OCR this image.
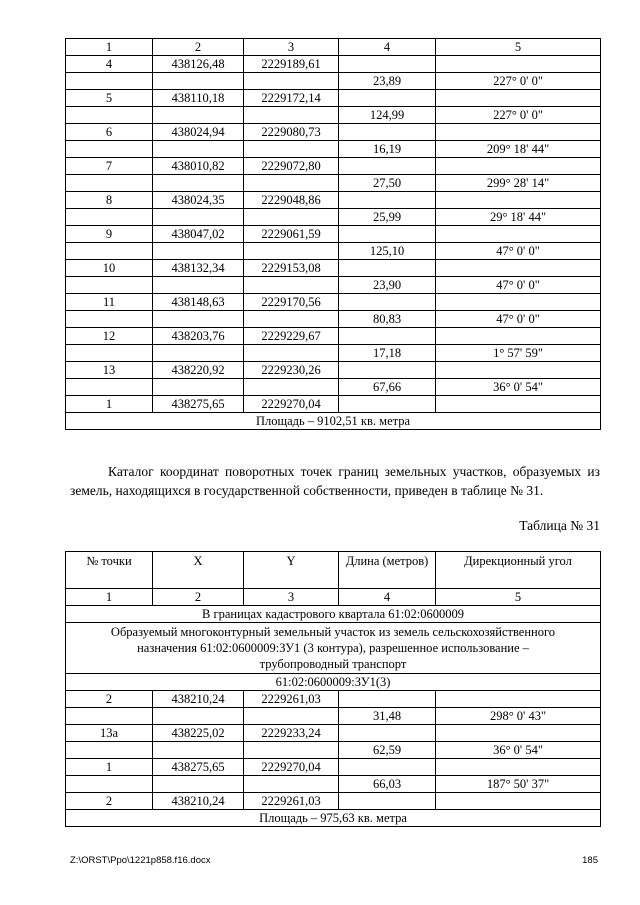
1	2	3	4	5
4	438126,48	2229189,61		
			23,89	227° 0' 0"
5	438110,18	2229172,14		
			124,99	227° 0' 0"
6	438024,94	2229080,73		
			16,19	209° 18' 44"
7	438010,82	2229072,80		
			27,50	299° 28' 14"
8	438024,35	2229048,86		
			25,99	29° 18' 44"
9	438047,02	2229061,59		
			125,10	47° 0' 0"
10	438132,34	2229153,08		
			23,90	47° 0' 0"
11	438148,63	2229170,56		
			80,83	47° 0' 0"
12	438203,76	2229229,67		
			17,18	1° 57' 59"
13	438220,92	2229230,26		
			67,66	36° 0' 54"
1	438275,65	2229270,04		
Площадь – 9102,51 кв. метра				
Каталог координат поворотных точек границ земельных участков, образуемых из земель, находящихся в государственной собственности, приведен в таблице № 31.
Таблица № 31
№ точки	X	Y	Длина (метров)	Дирекционный угол
1	2	3	4	5
В границах кадастрового квартала 61:02:0600009				
Образуемый многоконтурный земельный участок из земель сельскохозяйственного назначения 61:02:0600009:ЗУ1 (3 контура), разрешенное использование – трубопроводный транспорт				
61:02:0600009:ЗУ1(3)				
2	438210,24	2229261,03		
			31,48	298° 0' 43"
13а	438225,02	2229233,24		
			62,59	36° 0' 54"
1	438275,65	2229270,04		
			66,03	187° 50' 37"
2	438210,24	2229261,03		
Площадь – 975,63 кв. метра				
Z:\ORST\Ppo\1221p858.f16.docx	185
